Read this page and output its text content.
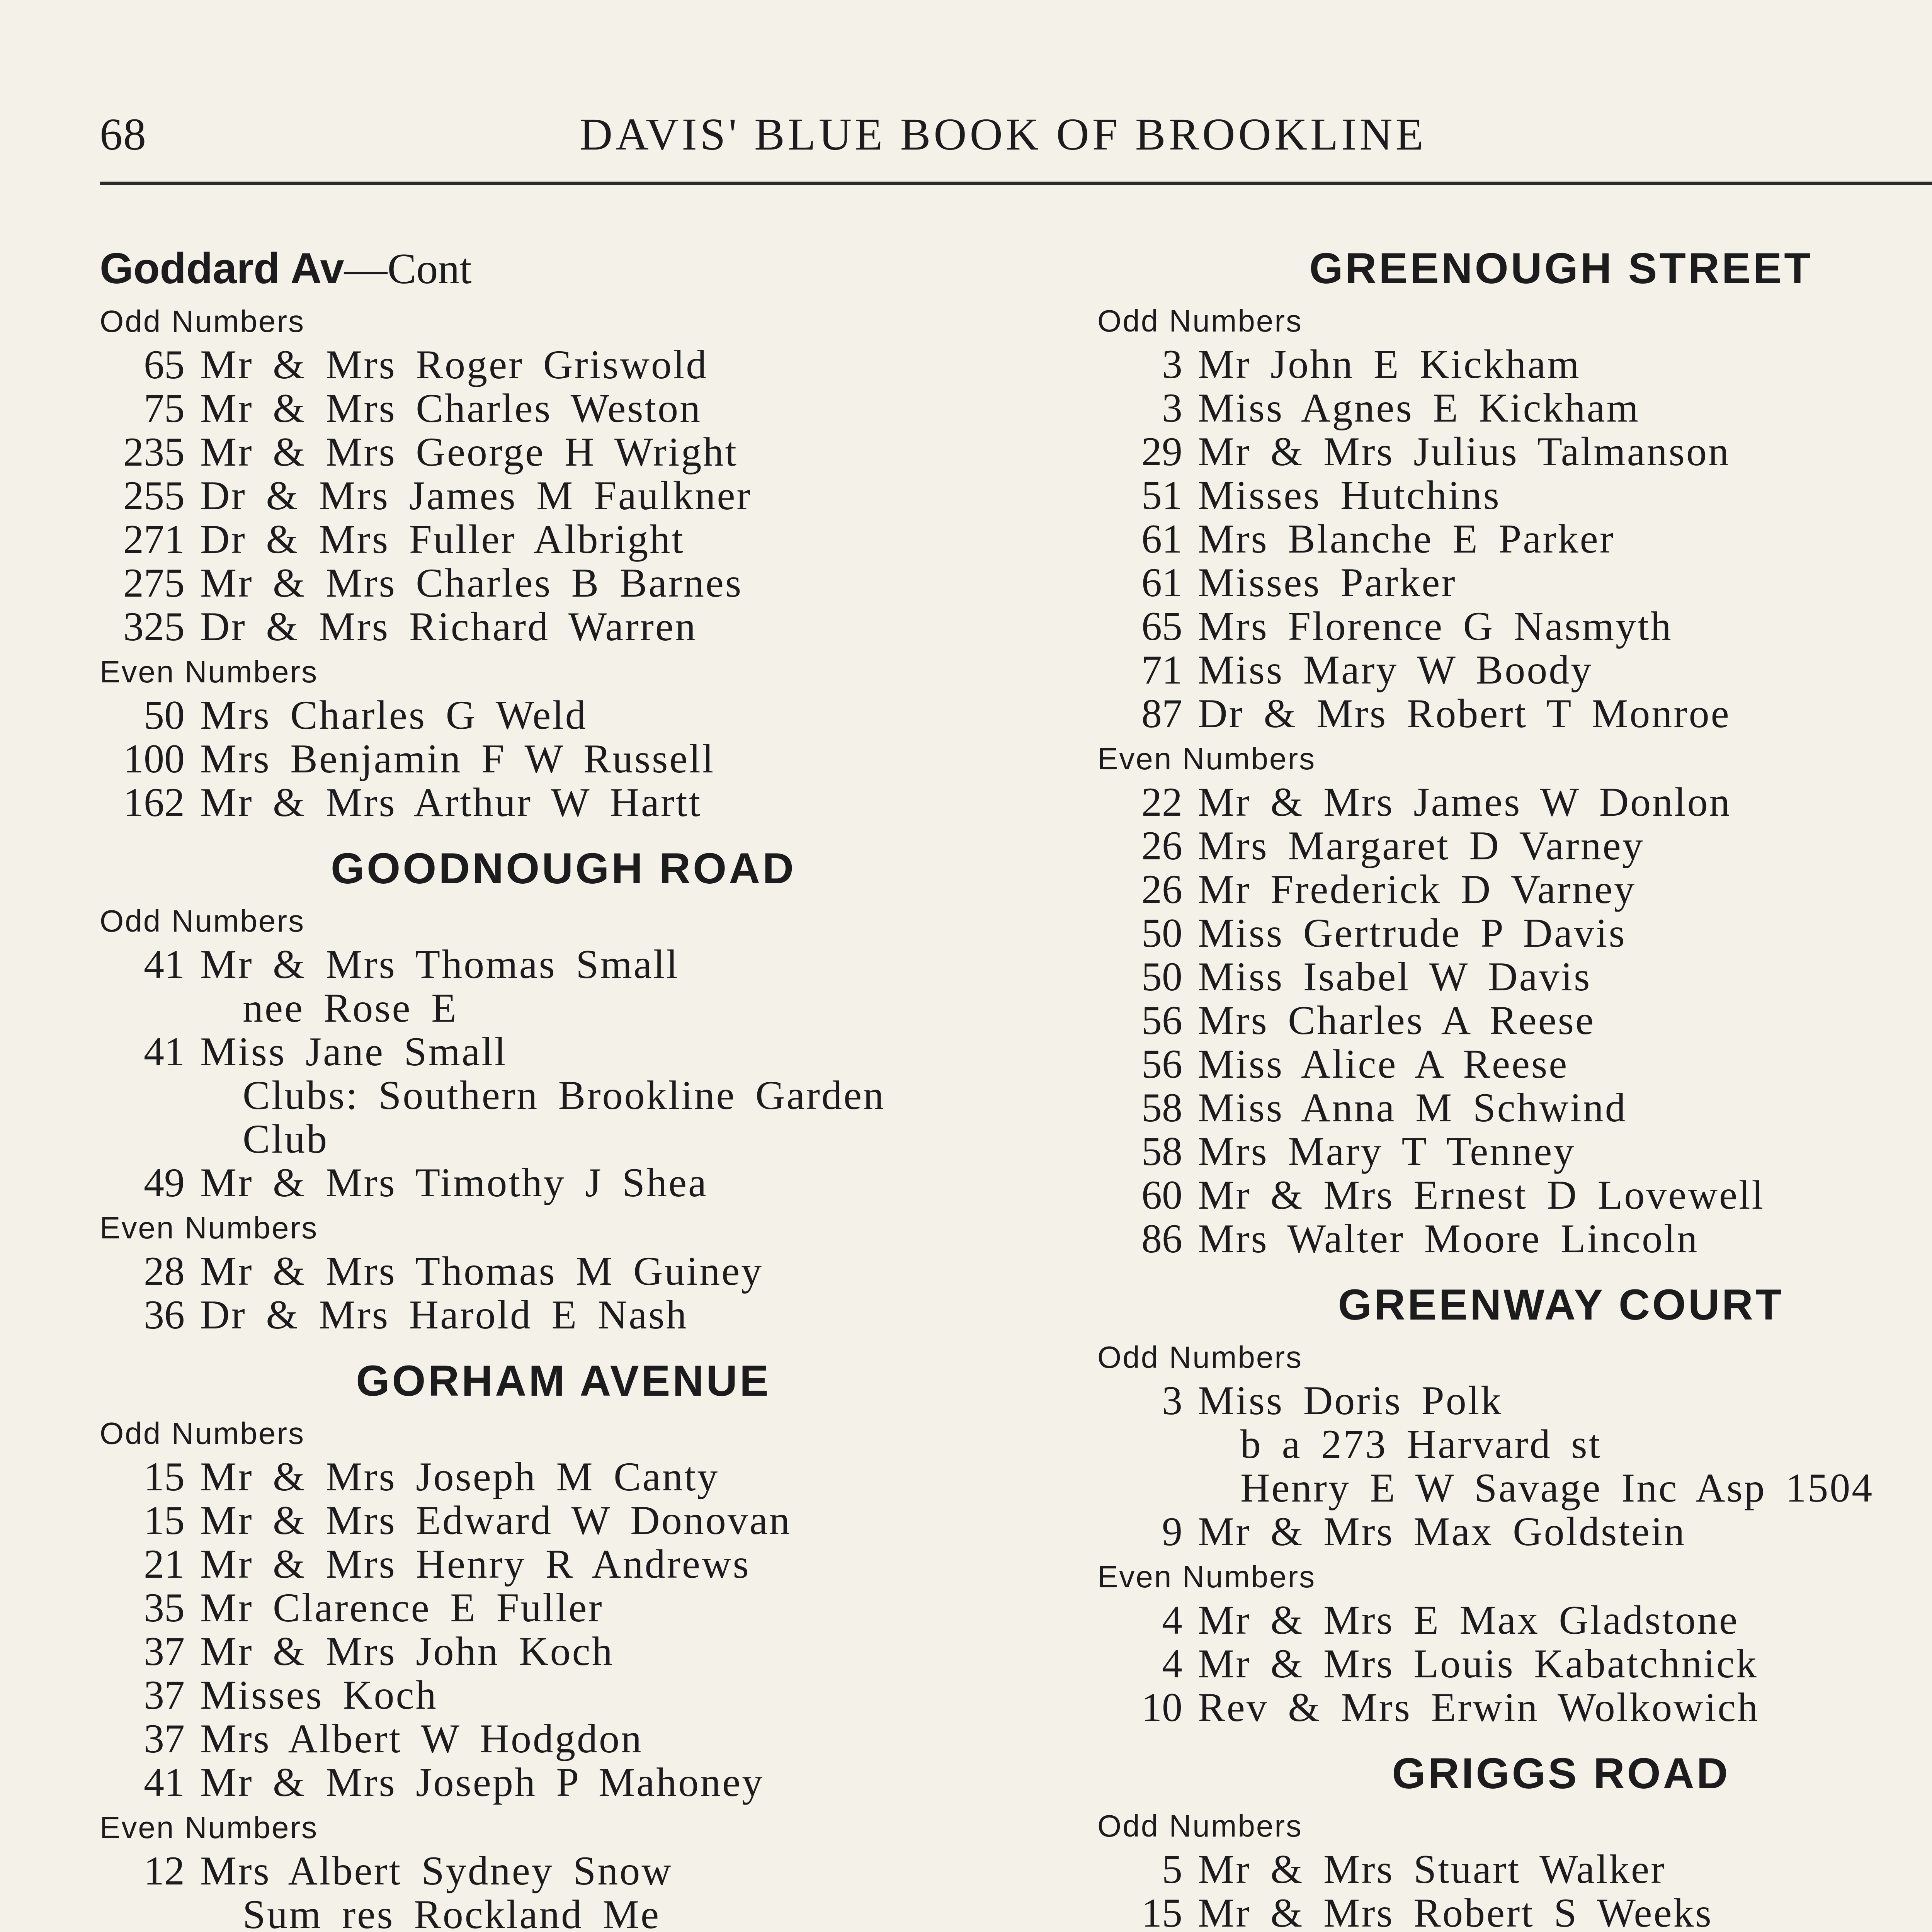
68	DAVIS' BLUE BOOK OF BROOKLINE
Goddard Av—Cont
Odd Numbers
65 Mr & Mrs Roger Griswold
75 Mr & Mrs Charles Weston
235 Mr & Mrs George H Wright
255 Dr & Mrs James M Faulkner
271 Dr & Mrs Fuller Albright
275 Mr & Mrs Charles B Barnes
325 Dr & Mrs Richard Warren
Even Numbers
50 Mrs Charles G Weld
100 Mrs Benjamin F W Russell
162 Mr & Mrs Arthur W Hartt
GOODNOUGH ROAD
Odd Numbers
41 Mr & Mrs Thomas Small
nee Rose E
41 Miss Jane Small
Clubs: Southern Brookline Garden
Club
49 Mr & Mrs Timothy J Shea
Even Numbers
28 Mr & Mrs Thomas M Guiney
36 Dr & Mrs Harold E Nash
GORHAM AVENUE
Odd Numbers
15 Mr & Mrs Joseph M Canty
15 Mr & Mrs Edward W Donovan
21 Mr & Mrs Henry R Andrews
35 Mr Clarence E Fuller
37 Mr & Mrs John Koch
37 Misses Koch
37 Mrs Albert W Hodgdon
41 Mr & Mrs Joseph P Mahoney
Even Numbers
12 Mrs Albert Sydney Snow
Sum res Rockland Me
GREENOUGH STREET
Odd Numbers
3 Mr John E Kickham
3 Miss Agnes E Kickham
29 Mr & Mrs Julius Talmanson
51 Misses Hutchins
61 Mrs Blanche E Parker
61 Misses Parker
65 Mrs Florence G Nasmyth
71 Miss Mary W Boody
87 Dr & Mrs Robert T Monroe
Even Numbers
22 Mr & Mrs James W Donlon
26 Mrs Margaret D Varney
26 Mr Frederick D Varney
50 Miss Gertrude P Davis
50 Miss Isabel W Davis
56 Mrs Charles A Reese
56 Miss Alice A Reese
58 Miss Anna M Schwind
58 Mrs Mary T Tenney
60 Mr & Mrs Ernest D Lovewell
86 Mrs Walter Moore Lincoln
GREENWAY COURT
Odd Numbers
3 Miss Doris Polk
b a 273 Harvard st
Henry E W Savage Inc Asp 1504
9 Mr & Mrs Max Goldstein
Even Numbers
4 Mr & Mrs E Max Gladstone
4 Mr & Mrs Louis Kabatchnick
10 Rev & Mrs Erwin Wolkowich
GRIGGS ROAD
Odd Numbers
5 Mr & Mrs Stuart Walker
15 Mr & Mrs Robert S Weeks
